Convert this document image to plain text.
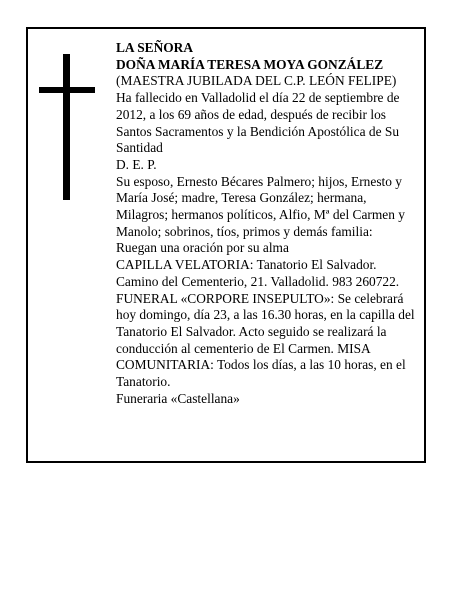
LA SEÑORA

DOÑA MARÍA TERESA MOYA GONZÁLEZ

(MAESTRA JUBILADA DEL C.P. LEÓN FELIPE)

Ha fallecido en Valladolid el día 22 de septiembre de 2012, a los 69 años de edad, después de recibir los Santos Sacramentos y la Bendición Apostólica de Su Santidad

D. E. P.

Su esposo, Ernesto Bécares Palmero; hijos, Ernesto y María José; madre, Teresa González; hermana, Milagros; hermanos políticos, Alfio, Mª del Carmen y Manolo; sobrinos, tíos, primos y demás familia:

Ruegan una oración por su alma

CAPILLA VELATORIA: Tanatorio El Salvador. Camino del Cementerio, 21. Valladolid. 983 260722.

FUNERAL «CORPORE INSEPULTO»: Se celebrará hoy domingo, día 23, a las 16.30 horas, en la capilla del Tanatorio El Salvador. Acto seguido se realizará la conducción al cementerio de El Carmen. MISA COMUNITARIA: Todos los días, a las 10 horas, en el Tanatorio.

Funeraria «Castellana»
